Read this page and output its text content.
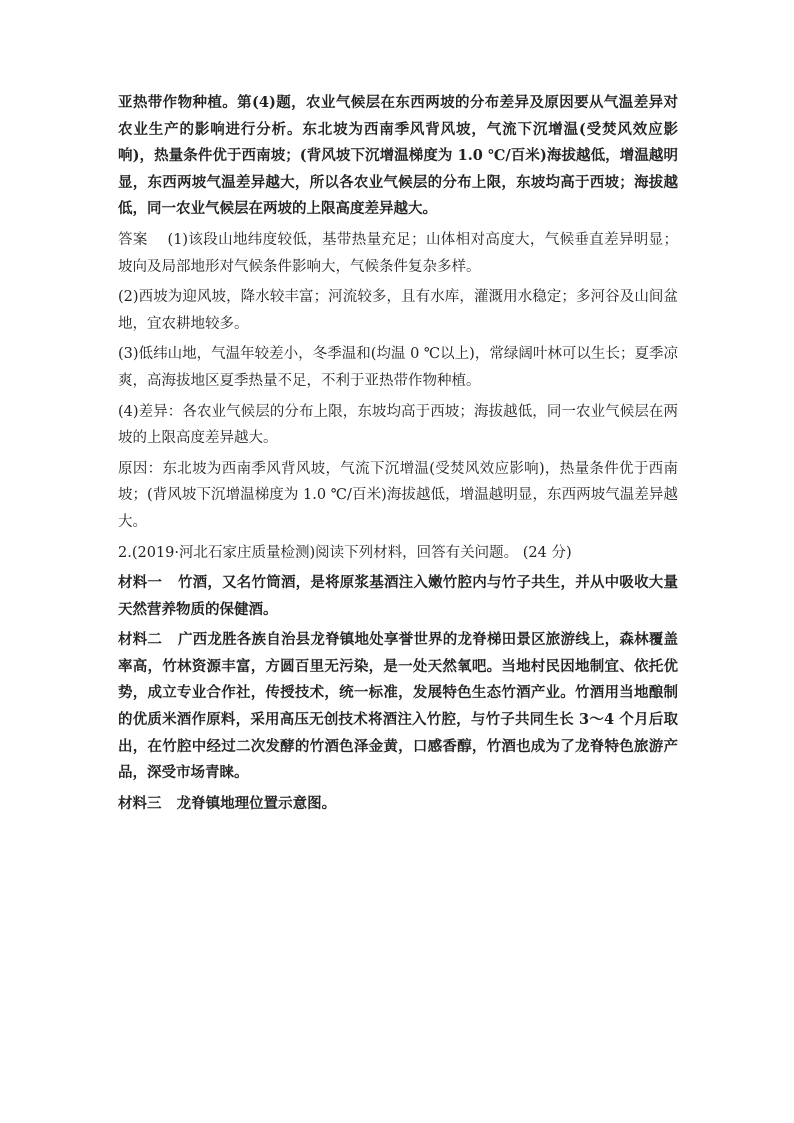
亚热带作物种植。第(4)题，农业气候层在东西两坡的分布差异及原因要从气温差异对农业生产的影响进行分析。东北坡为西南季风背风坡，气流下沉增温(受焚风效应影响)，热量条件优于西南坡；(背风坡下沉增温梯度为 1.0 ℃/百米)海拔越低，增温越明显，东西两坡气温差异越大，所以各农业气候层的分布上限，东坡均高于西坡；海拔越低，同一农业气候层在两坡的上限高度差异越大。

答案 (1)该段山地纬度较低，基带热量充足；山体相对高度大，气候垂直差异明显；坡向及局部地形对气候条件影响大，气候条件复杂多样。

(2)西坡为迎风坡，降水较丰富；河流较多，且有水库，灌溉用水稳定；多河谷及山间盆地，宜农耕地较多。

(3)低纬山地，气温年较差小，冬季温和(均温 0 ℃以上)，常绿阔叶林可以生长；夏季凉爽，高海拔地区夏季热量不足，不利于亚热带作物种植。

(4)差异：各农业气候层的分布上限，东坡均高于西坡；海拔越低，同一农业气候层在两坡的上限高度差异越大。

原因：东北坡为西南季风背风坡，气流下沉增温(受焚风效应影响)，热量条件优于西南坡；(背风坡下沉增温梯度为 1.0 ℃/百米)海拔越低，增温越明显，东西两坡气温差异越大。

2.(2019·河北石家庄质量检测)阅读下列材料，回答有关问题。 (24 分)

材料一 竹酒，又名竹筒酒，是将原浆基酒注入嫩竹腔内与竹子共生，并从中吸收大量天然营养物质的保健酒。

材料二 广西龙胜各族自治县龙脊镇地处享誉世界的龙脊梯田景区旅游线上，森林覆盖率高，竹林资源丰富，方圆百里无污染，是一处天然氧吧。当地村民因地制宜、依托优势，成立专业合作社，传授技术，统一标准，发展特色生态竹酒产业。竹酒用当地酿制的优质米酒作原料，采用高压无创技术将酒注入竹腔，与竹子共同生长 3～4 个月后取出，在竹腔中经过二次发酵的竹酒色泽金黄，口感香醇，竹酒也成为了龙脊特色旅游产品，深受市场青睐。

材料三 龙脊镇地理位置示意图。
